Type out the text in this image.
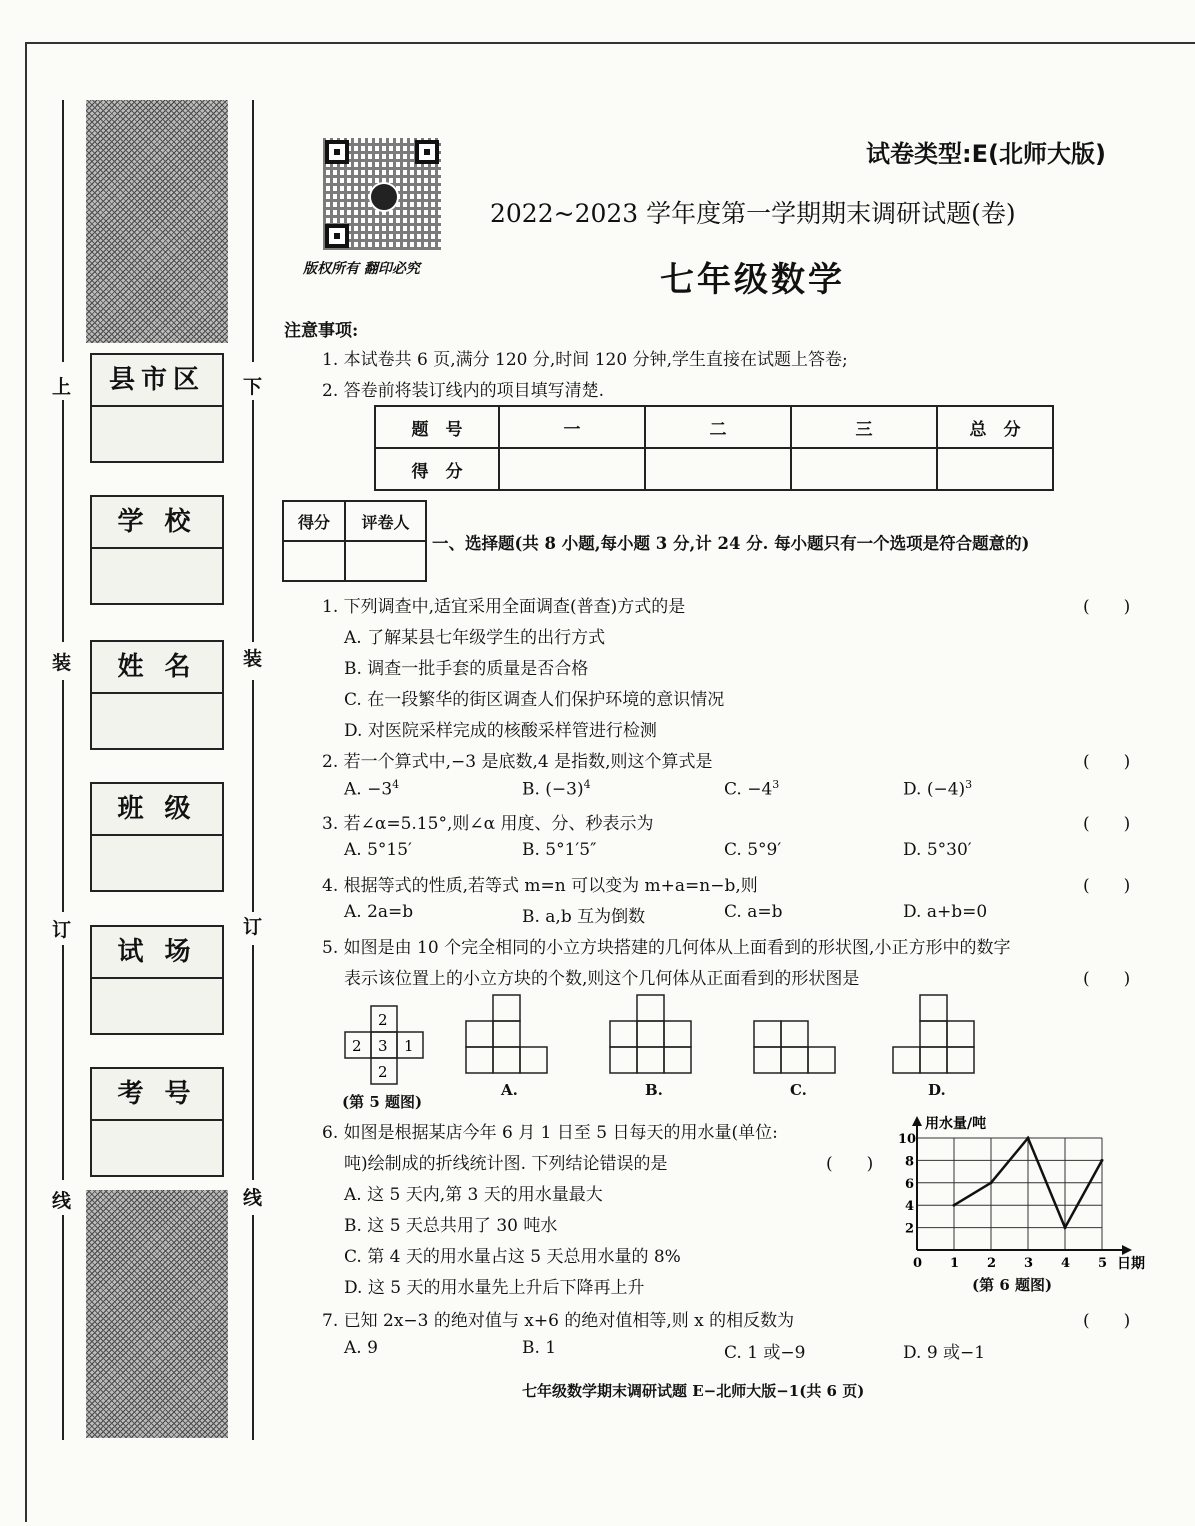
上
装
订
线
下
装
订
线
县市区
学 校
姓 名
班 级
试 场
考 号
版权所有 翻印必究
试卷类型:E(北师大版)
2022~2023 学年度第一学期期末调研试题(卷)
七年级数学
注意事项:
1. 本试卷共 6 页,满分 120 分,时间 120 分钟,学生直接在试题上答卷;
2. 答卷前将装订线内的项目填写清楚.
题　号	一	二	三	总　分
得　分				
得分	评卷人

一、选择题(共 8 小题,每小题 3 分,计 24 分. 每小题只有一个选项是符合题意的)
1. 下列调查中,适宜采用全面调查(普查)方式的是	(　　)
A. 了解某县七年级学生的出行方式
B. 调查一批手套的质量是否合格
C. 在一段繁华的街区调查人们保护环境的意识情况
D. 对医院采样完成的核酸采样管进行检测
2. 若一个算式中,−3 是底数,4 是指数,则这个算式是	(　　)
A. $-3^4$	B. $(-3)^4$	C. $-4^3$	D. $(-4)^3$
3. 若∠α=5.15°,则∠α 用度、分、秒表示为	(　　)
A. 5°15′	B. 5°1′5″	C. 5°9′	D. 5°30′
4. 根据等式的性质,若等式 m=n 可以变为 m+a=n−b,则	(　　)
A. 2a=b	B. a,b 互为倒数	C. a=b	D. a+b=0
5. 如图是由 10 个完全相同的小立方块搭建的几何体从上面看到的形状图,小正方形中的数字
表示该位置上的小立方块的个数,则这个几何体从正面看到的形状图是	(　　)
2
2 3 1
2
(第 5 题图)
A.	B.	C.	D.
6. 如图是根据某店今年 6 月 1 日至 5 日每天的用水量(单位:
吨)绘制成的折线统计图. 下列结论错误的是	(　　)
A. 这 5 天内,第 3 天的用水量最大
B. 这 5 天总共用了 30 吨水
C. 第 4 天的用水量占这 5 天总用水量的 8%
D. 这 5 天的用水量先上升后下降再上升
0 1 2 3 4 5
2
4
6
8
10
用水量/吨
日期
(第 6 题图)
7. 已知 2x−3 的绝对值与 x+6 的绝对值相等,则 x 的相反数为	(　　)
A. 9	B. 1	C. 1 或−9	D. 9 或−1
七年级数学期末调研试题 E−北师大版−1(共 6 页)
